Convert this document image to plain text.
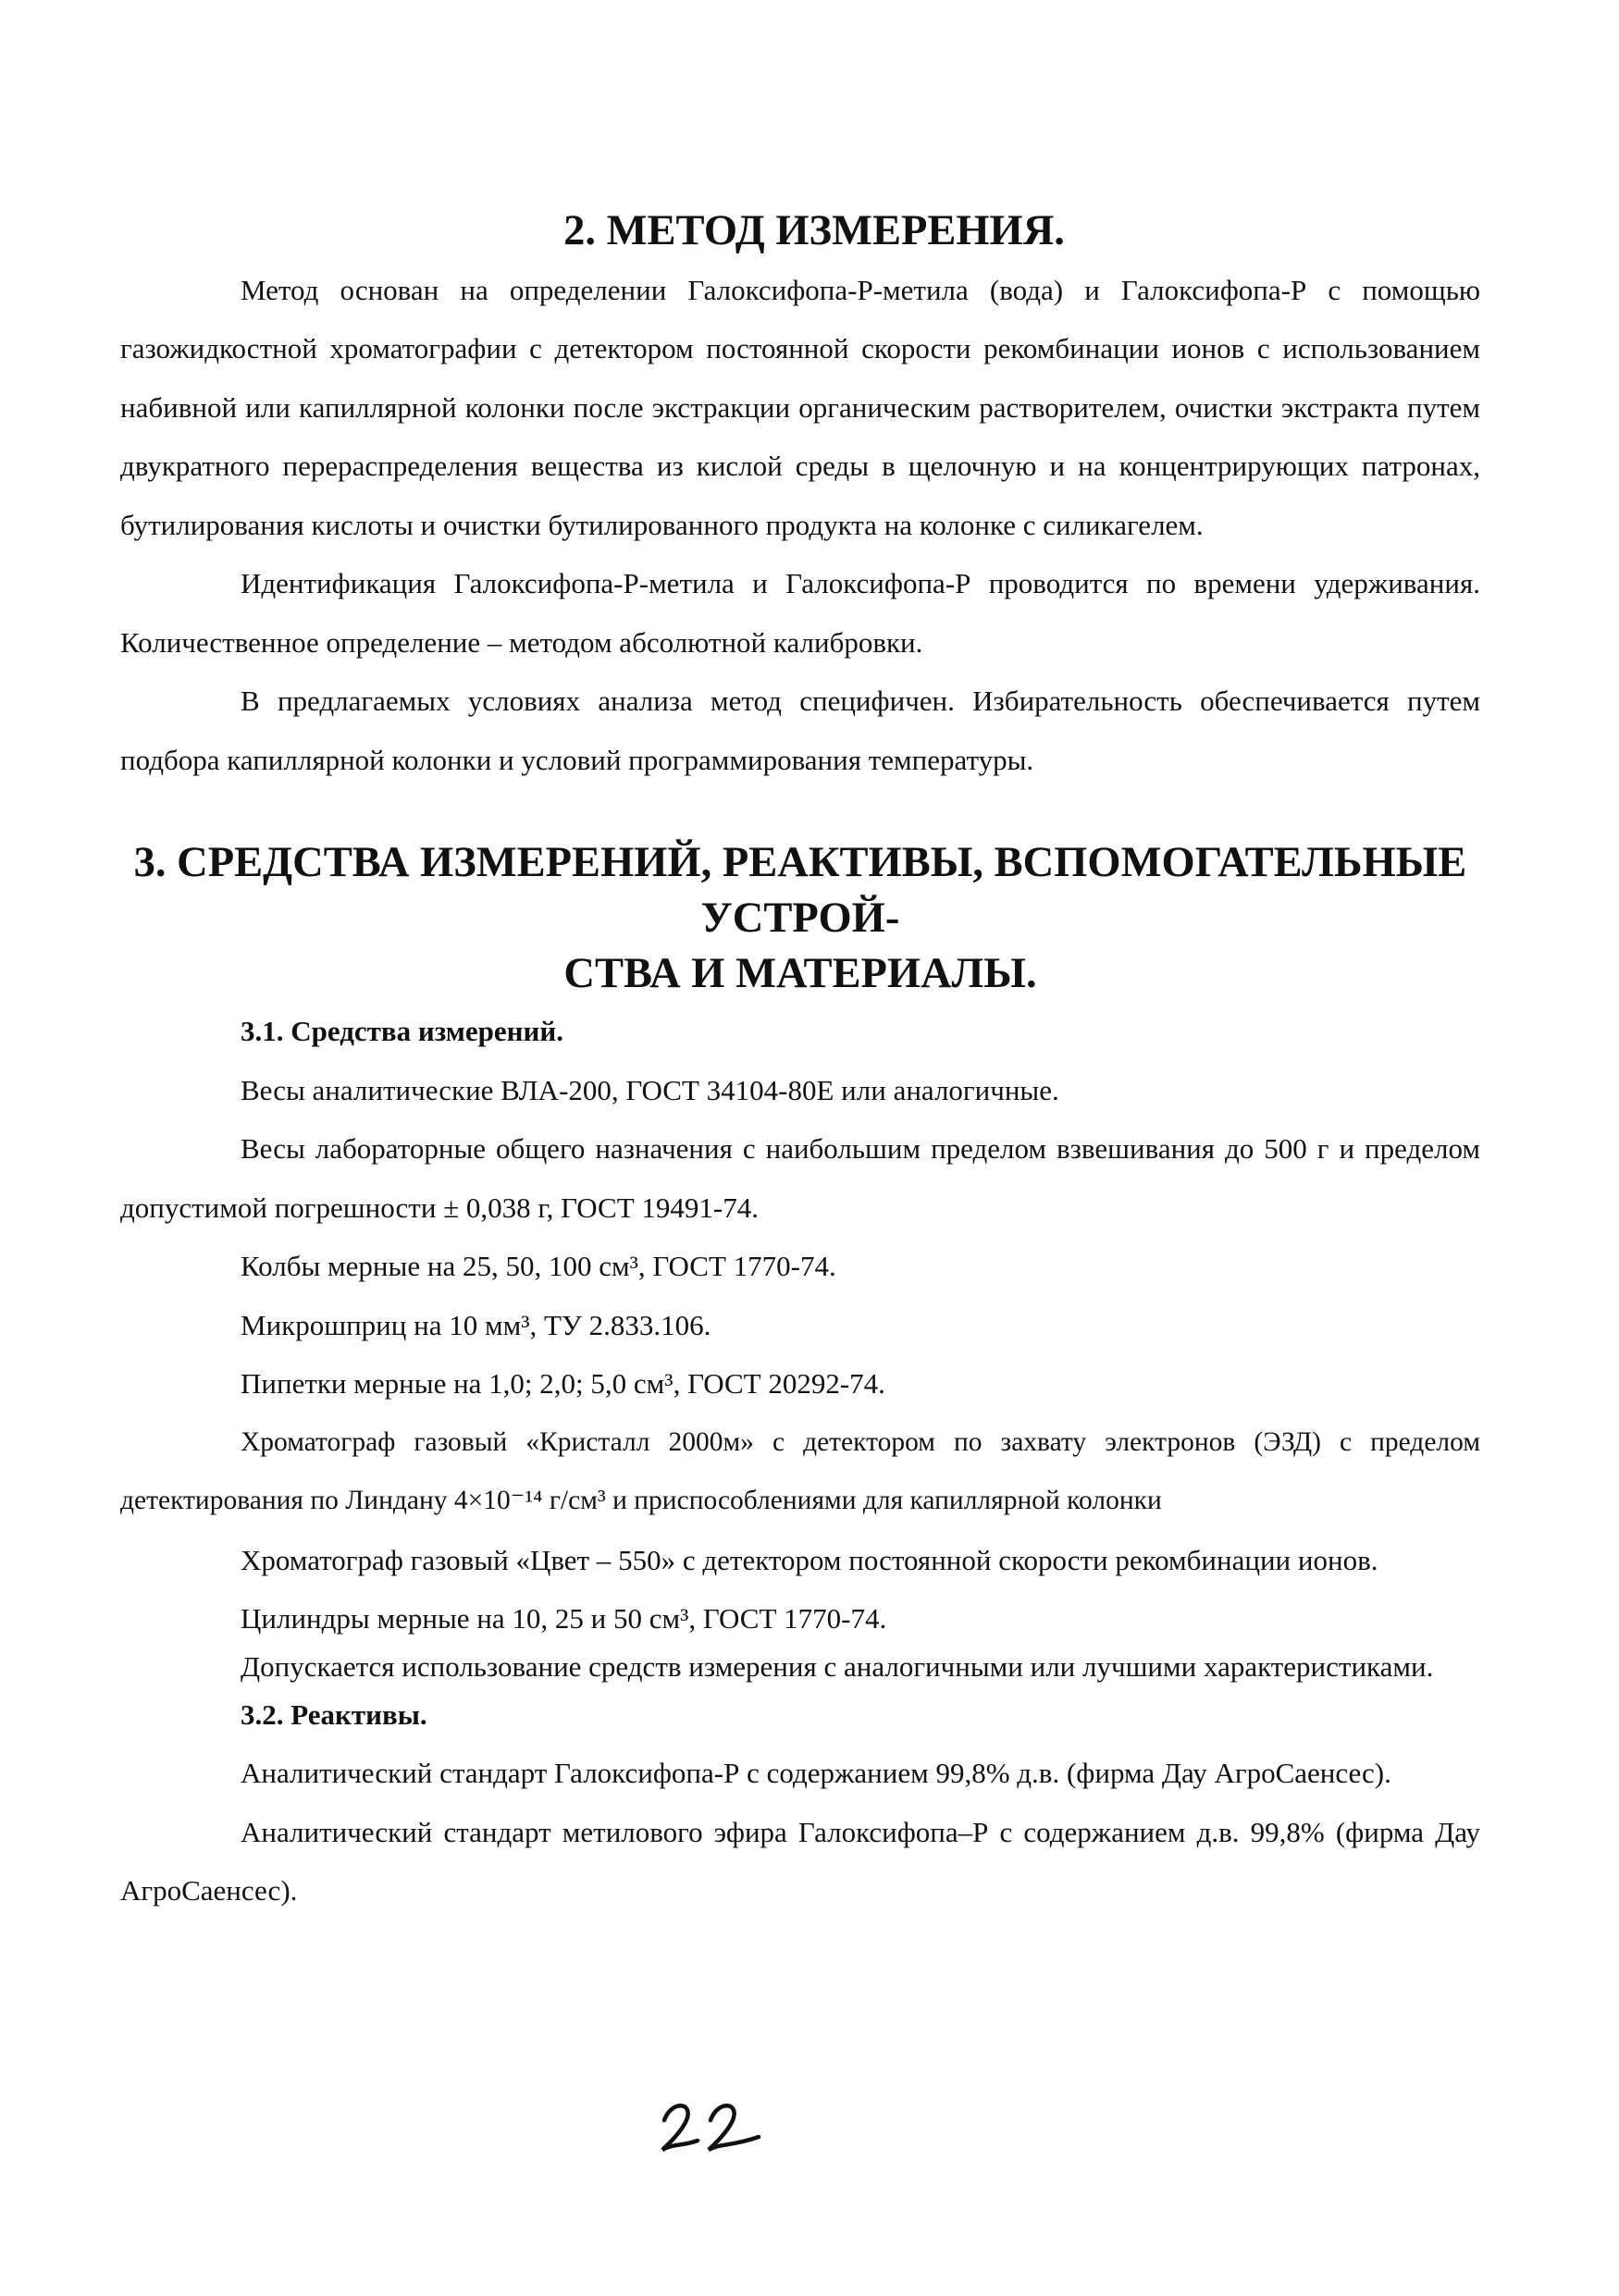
2. МЕТОД ИЗМЕРЕНИЯ.

Метод основан на определении Галоксифопа-Р-метила (вода) и Галоксифопа-Р с помощью газожидкостной хроматографии с детектором постоянной скорости рекомбинации ионов с использованием набивной или капиллярной колонки после экстракции органическим растворителем, очистки экстракта путем двукратного перераспределения вещества из кислой среды в щелочную и на концентрирующих патронах, бутилирования кислоты и очистки бутилированного продукта на колонке с силикагелем.

Идентификация Галоксифопа-Р-метила и Галоксифопа-Р проводится по времени удерживания. Количественное определение – методом абсолютной калибровки.

В предлагаемых условиях анализа метод специфичен. Избирательность обеспечивается путем подбора капиллярной колонки и условий программирования температуры.

3. СРЕДСТВА ИЗМЕРЕНИЙ, РЕАКТИВЫ, ВСПОМОГАТЕЛЬНЫЕ УСТРОЙ-
СТВА И МАТЕРИАЛЫ.

3.1. Средства измерений.

Весы аналитические ВЛА-200, ГОСТ 34104-80Е или аналогичные.

Весы лабораторные общего назначения с наибольшим пределом взвешивания до 500 г и пределом допустимой погрешности ± 0,038 г, ГОСТ 19491-74.

Колбы мерные на 25, 50, 100 см³, ГОСТ 1770-74.

Микрошприц на 10 мм³, ТУ 2.833.106.

Пипетки мерные на 1,0; 2,0; 5,0 см³, ГОСТ 20292-74.

Хроматограф газовый «Кристалл 2000м» с детектором по захвату электронов (ЭЗД) с пределом детектирования по Линдану 4×10⁻¹⁴ г/см³ и приспособлениями для капиллярной колонки

Хроматограф газовый «Цвет – 550» с детектором постоянной скорости рекомбинации ионов.

Цилиндры мерные на 10, 25 и 50 см³, ГОСТ 1770-74.

Допускается использование средств измерения с аналогичными или лучшими характеристиками.

3.2. Реактивы.

Аналитический стандарт Галоксифопа-Р с содержанием 99,8% д.в. (фирма Дау АгроСаенсес).

Аналитический стандарт метилового эфира Галоксифопа–Р с содержанием д.в. 99,8% (фирма Дау АгроСаенсес).
